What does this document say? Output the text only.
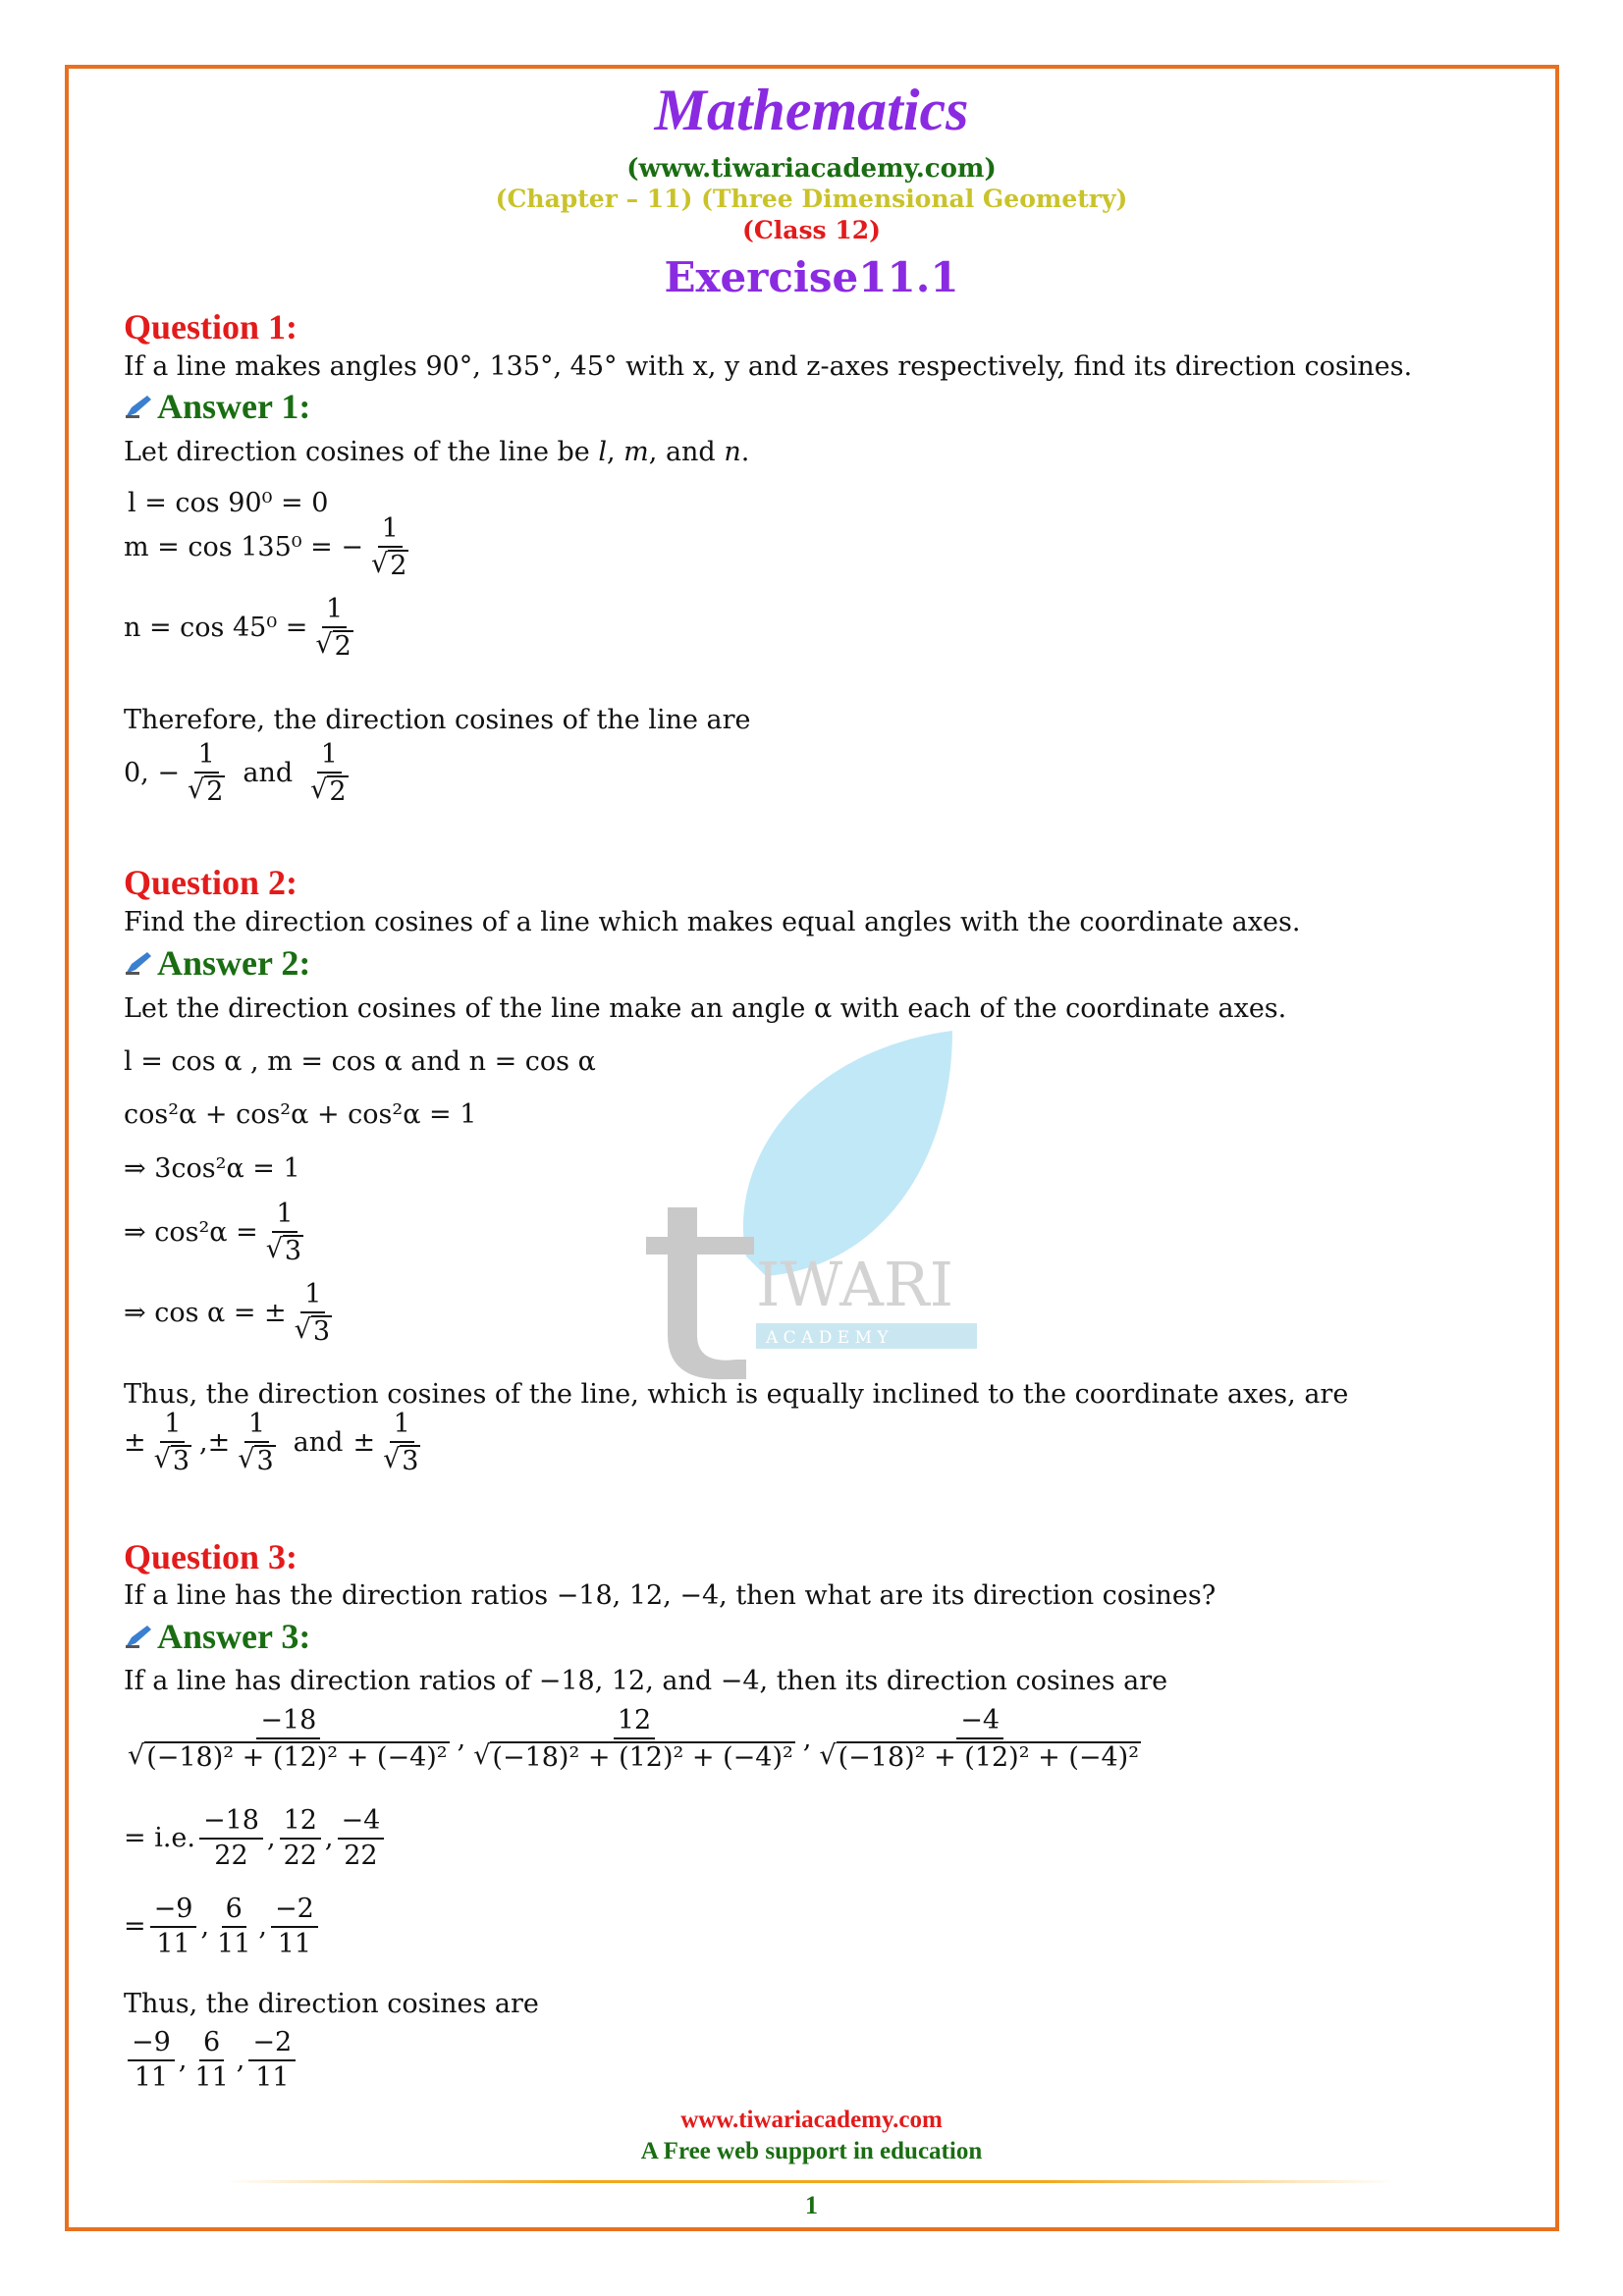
IWARI
A C A D E M Y
Mathematics
(www.tiwariacademy.com)
(Chapter – 11) (Three Dimensional Geometry)
(Class 12)
Exercise11.1
Question 1:
If a line makes angles 90°, 135°, 45° with x, y and z-axes respectively, find its direction cosines.
Answer 1:
Let direction cosines of the line be l, m, and n.
l = cos 90⁰ = 0
m = cos 135⁰ = − $\frac{1}{√ 2}$
$n = \cos 45^0 = \frac{1}{√ 2}$
Therefore, the direction cosines of the line are
0, − $\frac{1}{√ 2}$ and $\frac{1}{√ 2}$
Question 2:
Find the direction cosines of a line which makes equal angles with the coordinate axes.
Answer 2:
Let the direction cosines of the line make an angle α with each of the coordinate axes.
l = cos α , m = cos α and n = cos α
cos²α + cos²α + cos²α = 1
⇒ 3cos²α = 1
⇒ $\cos^2\alpha = \frac{1}{√ 3}$
⇒ cos α = ± $\frac{1}{√ 3}$
Thus, the direction cosines of the line, which is equally inclined to the coordinate axes, are
± $\frac{1}{√ 3}$ , ± $\frac{1}{√ 3}$ and ± $\frac{1}{√ 3}$
Question 3:
If a line has the direction ratios −18, 12, −4, then what are its direction cosines?
Answer 3:
If a line has direction ratios of −18, 12, and −4, then its direction cosines are
$\frac{-18}{\text{√ (−18)² + (12)² + (−4)²}}$ , $\frac{12}{\text{√ (−18)² + (12)² + (−4)²}}$ , $\frac{-4}{\text{√ (−18)² + (12)² + (−4)²}}$
= i.e. $\frac{-18}{22}$ , $\frac{12}{22}$ , $\frac{-4}{22}$
= $\frac{-9}{11}$ , $\frac{6}{11}$ , $\frac{-2}{11}$
Thus, the direction cosines are
$\frac{-9}{11}$ , $\frac{6}{11}$ , $\frac{-2}{11}$
www.tiwariacademy.com
A Free web support in education
1
